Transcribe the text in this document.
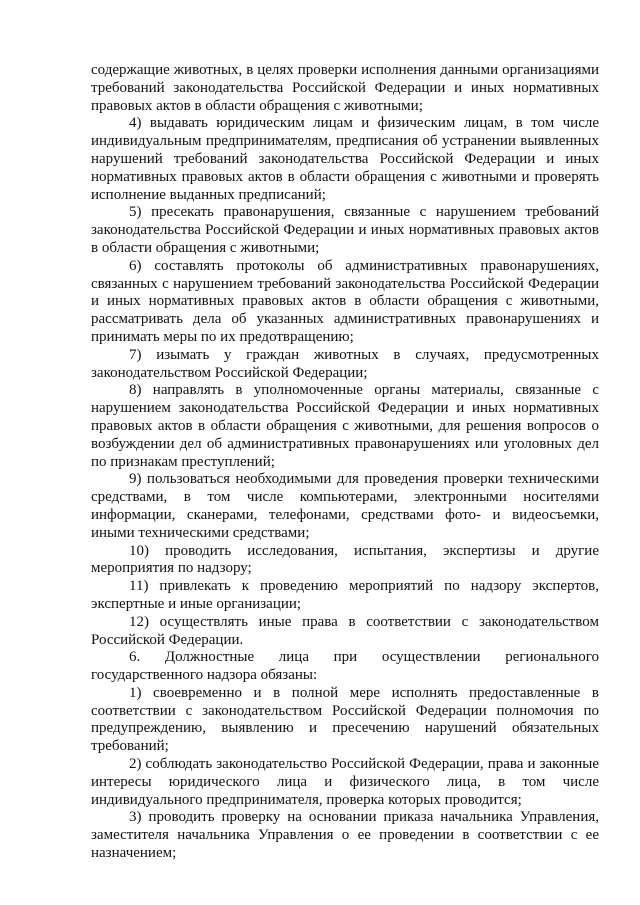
содержащие животных, в целях проверки исполнения данными организациями требований законодательства Российской Федерации и иных нормативных правовых актов в области обращения с животными;

4) выдавать юридическим лицам и физическим лицам, в том числе индивидуальным предпринимателям, предписания об устранении выявленных нарушений требований законодательства Российской Федерации и иных нормативных правовых актов в области обращения с животными и проверять исполнение выданных предписаний;

5) пресекать правонарушения, связанные с нарушением требований законодательства Российской Федерации и иных нормативных правовых актов в области обращения с животными;

6) составлять протоколы об административных правонарушениях, связанных с нарушением требований законодательства Российской Федерации и иных нормативных правовых актов в области обращения с животными, рассматривать дела об указанных административных правонарушениях и принимать меры по их предотвращению;

7) изымать у граждан животных в случаях, предусмотренных законодательством Российской Федерации;

8) направлять в уполномоченные органы материалы, связанные с нарушением законодательства Российской Федерации и иных нормативных правовых актов в области обращения с животными, для решения вопросов о возбуждении дел об административных правонарушениях или уголовных дел по признакам преступлений;

9) пользоваться необходимыми для проведения проверки техническими средствами, в том числе компьютерами, электронными носителями информации, сканерами, телефонами, средствами фото- и видеосъемки, иными техническими средствами;

10) проводить исследования, испытания, экспертизы и другие мероприятия по надзору;

11) привлекать к проведению мероприятий по надзору экспертов, экспертные и иные организации;

12) осуществлять иные права в соответствии с законодательством Российской Федерации.

6. Должностные лица при осуществлении регионального государственного надзора обязаны:

1) своевременно и в полной мере исполнять предоставленные в соответствии с законодательством Российской Федерации полномочия по предупреждению, выявлению и пресечению нарушений обязательных требований;

2) соблюдать законодательство Российской Федерации, права и законные интересы юридического лица и физического лица, в том числе индивидуального предпринимателя, проверка которых проводится;

3) проводить проверку на основании приказа начальника Управления, заместителя начальника Управления о ее проведении в соответствии с ее назначением;
